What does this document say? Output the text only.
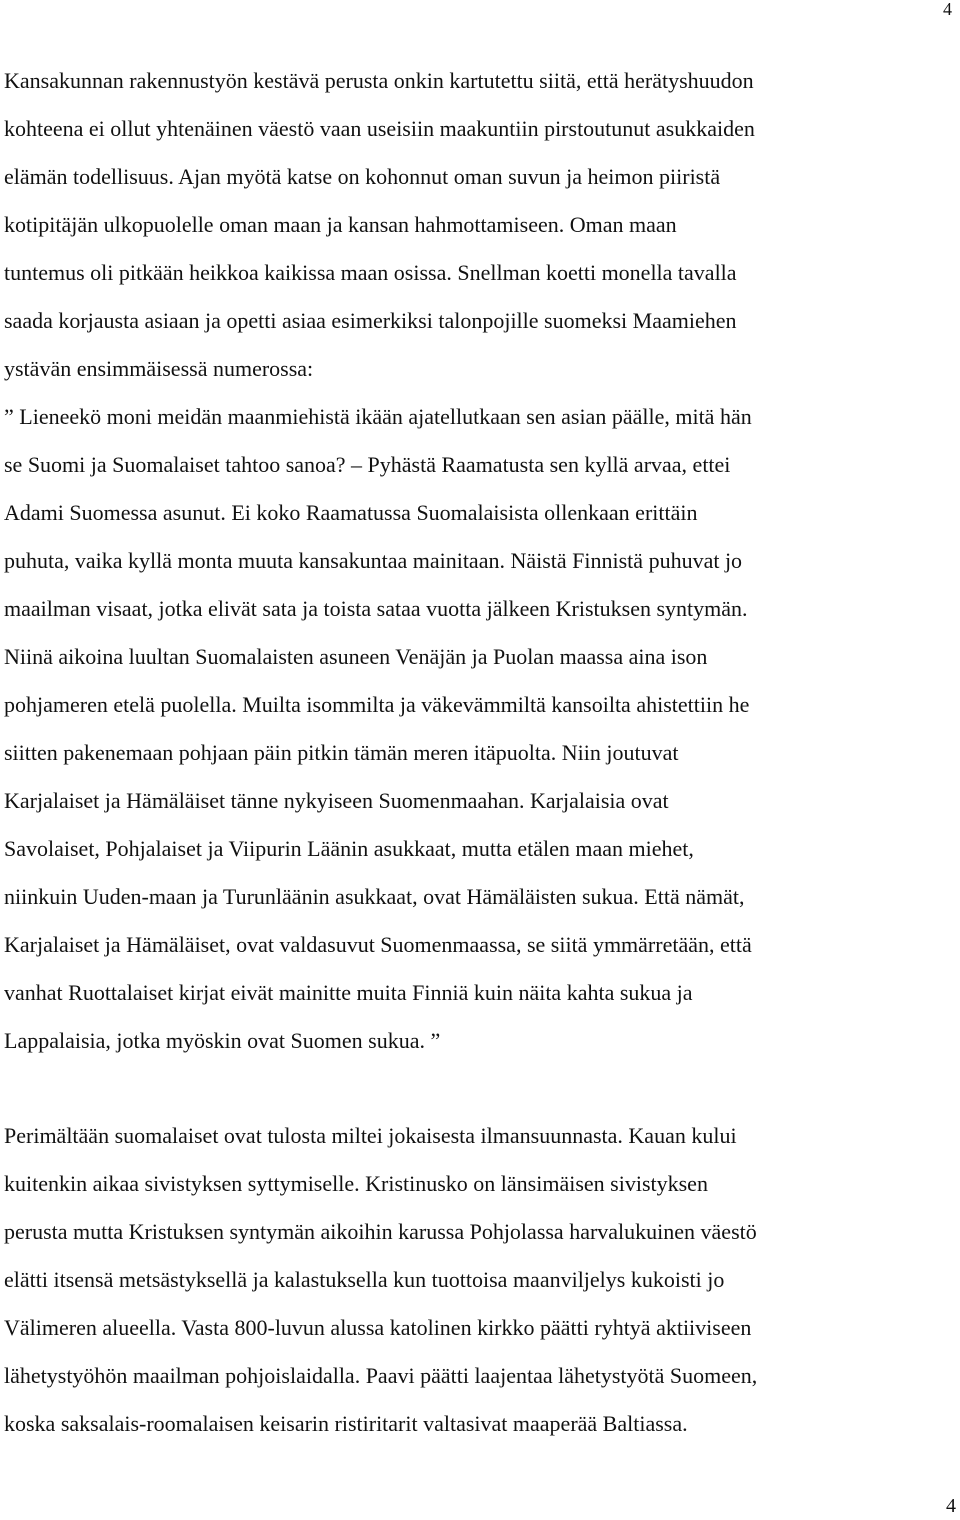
4
Kansakunnan rakennustyön kestävä perusta onkin kartutettu siitä, että herätyshuudon
kohteena ei ollut yhtenäinen väestö vaan useisiin maakuntiin pirstoutunut asukkaiden
elämän todellisuus. Ajan myötä katse on kohonnut oman suvun ja heimon piiristä
kotipitäjän ulkopuolelle oman maan ja kansan hahmottamiseen. Oman maan
tuntemus oli pitkään heikkoa kaikissa maan osissa. Snellman koetti monella tavalla
saada korjausta asiaan ja opetti asiaa esimerkiksi talonpojille suomeksi Maamiehen
ystävän ensimmäisessä numerossa:
” Lieneekö moni meidän maanmiehistä ikään ajatellutkaan sen asian päälle, mitä hän
se Suomi ja Suomalaiset tahtoo sanoa? – Pyhästä Raamatusta sen kyllä arvaa, ettei
Adami Suomessa asunut. Ei koko Raamatussa Suomalaisista ollenkaan erittäin
puhuta, vaika kyllä monta muuta kansakuntaa mainitaan. Näistä Finnistä puhuvat jo
maailman visaat, jotka elivät sata ja toista sataa vuotta jälkeen Kristuksen syntymän.
Niinä aikoina luultan Suomalaisten asuneen Venäjän ja Puolan maassa aina ison
pohjameren etelä puolella. Muilta isommilta ja väkevämmiltä kansoilta ahistettiin he
siitten pakenemaan pohjaan päin pitkin tämän meren itäpuolta. Niin joutuvat
Karjalaiset ja Hämäläiset tänne nykyiseen Suomenmaahan. Karjalaisia ovat
Savolaiset, Pohjalaiset ja Viipurin Läänin asukkaat, mutta etälen maan miehet,
niinkuin Uuden-maan ja Turunläänin asukkaat, ovat Hämäläisten sukua. Että nämät,
Karjalaiset ja Hämäläiset, ovat valdasuvut Suomenmaassa, se siitä ymmärretään, että
vanhat Ruottalaiset kirjat eivät mainitte muita Finniä kuin näita kahta sukua ja
Lappalaisia, jotka myöskin ovat Suomen sukua. ”
Perimältään suomalaiset ovat tulosta miltei jokaisesta ilmansuunnasta. Kauan kului
kuitenkin aikaa sivistyksen syttymiselle. Kristinusko on länsimäisen sivistyksen
perusta mutta Kristuksen syntymän aikoihin karussa Pohjolassa harvalukuinen väestö
elätti itsensä metsästyksellä ja kalastuksella kun tuottoisa maanviljelys kukoisti jo
Välimeren alueella. Vasta 800-luvun alussa katolinen kirkko päätti ryhtyä aktiiviseen
lähetystyöhön maailman pohjoislaidalla. Paavi päätti laajentaa lähetystyötä Suomeen,
koska saksalais-roomalaisen keisarin ristiritarit valtasivat maaperää Baltiassa.
4
